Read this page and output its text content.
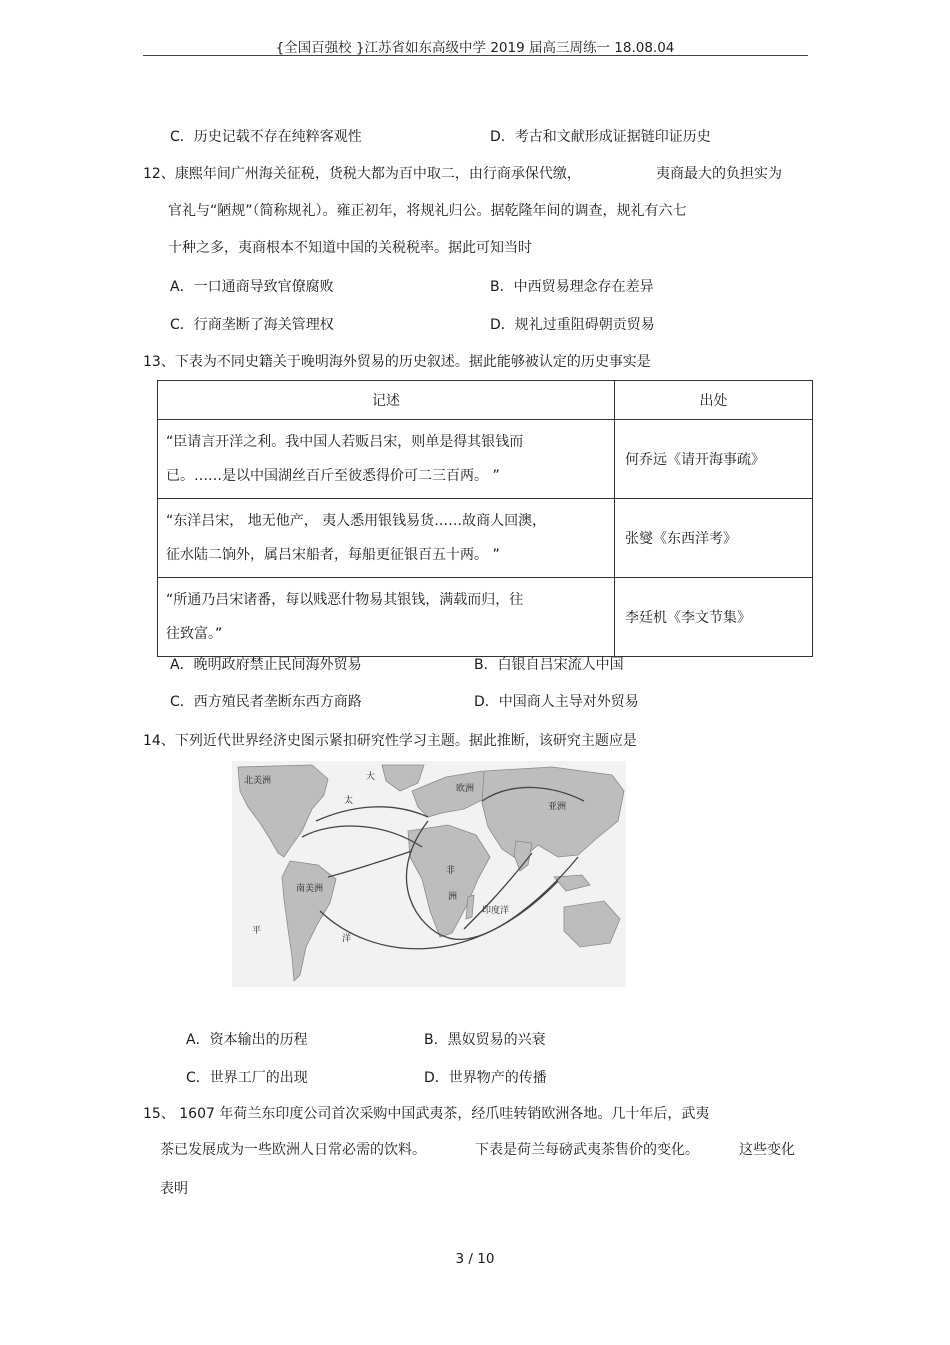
{全国百强校 }江苏省如东高级中学 2019 届高三周练一 18.08.04
C．历史记载不存在纯粹客观性	D．考古和文献形成证据链印证历史
12、康熙年间广州海关征税，货税大都为百中取二，由行商承保代缴，	夷商最大的负担实为
官礼与“陋规”（简称规礼）。雍正初年，将规礼归公。据乾隆年间的调查，规礼有六七
十种之多，夷商根本不知道中国的关税税率。据此可知当时
A．一口通商导致官僚腐败	B．中西贸易理念存在差异
C．行商垄断了海关管理权	D．规礼过重阻碍朝贡贸易
13、下表为不同史籍关于晚明海外贸易的历史叙述。据此能够被认定的历史事实是
记述	出处

“臣请言开洋之利。我中国人若贩吕宋，则单是得其银钱而
已。……是以中国湖丝百斤至彼悉得价可二三百两。 ”	何乔远《请开海事疏》

“东洋吕宋， 地无他产， 夷人悉用银钱易货……故商人回澳，
征水陆二饷外，属吕宋船者，每船更征银百五十两。 ”	张燮《东西洋考》

“所通乃吕宋诸番，每以贱恶什物易其银钱，满载而归，往
往致富。”	李廷机《李文节集》
A．晚明政府禁止民间海外贸易	B．白银自吕宋流人中国
C．西方殖民者垄断东西方商路	D．中国商人主导对外贸易
14、下列近代世界经济史图示紧扣研究性学习主题。据此推断，该研究主题应是
北美洲
太
大
欧洲
非
洲
亚洲
南美洲
印度洋
平
洋
A．资本输出的历程	B．黑奴贸易的兴衰
C．世界工厂的出现	D．世界物产的传播
15、 1607 年荷兰东印度公司首次采购中国武夷茶，经爪哇转销欧洲各地。几十年后，武夷
茶已发展成为一些欧洲人日常必需的饮料。	下表是荷兰每磅武夷茶售价的变化。	这些变化
表明
3 / 10
